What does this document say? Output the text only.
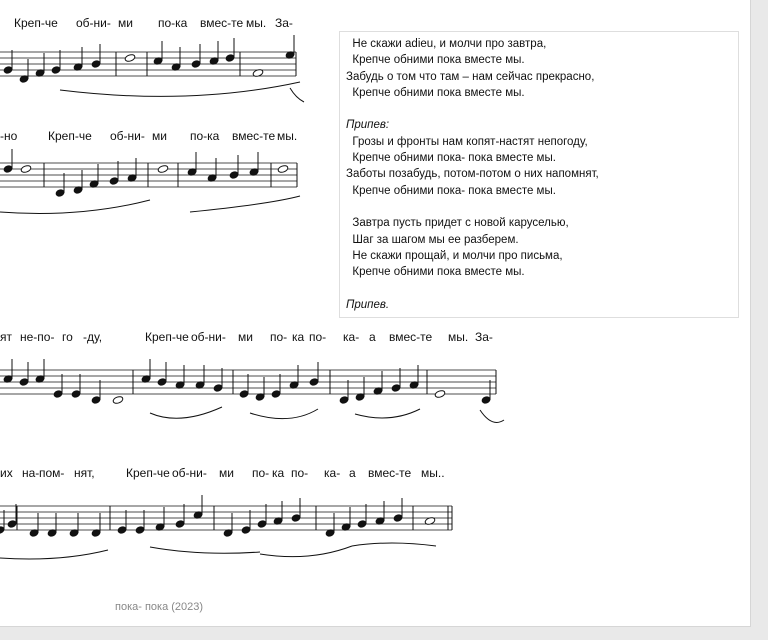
Креп-че об-ни- ми по-ка вмес-те мы. За-
-но	Креп-че об-ни- ми по-ка вмес-те мы.
ят не-по- го -ду,	Креп-че об-ни- ми по- ка по- ка- а вмес-те мы. За-
их на- пом- нят,	Креп-че об-ни- ми по- ка по- ка- а вмес-те мы..
Не скажи adieu, и молчи про завтра,
Крепче обними пока вместе мы.
Забудь о том что там – нам сейчас прекрасно,
Крепче обними пока вместе мы.
Припев:
Грозы и фронты нам копят-настят непогоду,
Крепче обними пока- пока вместе мы.
Заботы позабудь, потом-потом о них напомнят,
Крепче обними пока- пока вместе мы.
Завтра пусть придет с новой каруселью,
Шаг за шагом мы ее разберем.
Не скажи прощай, и молчи про письма,
Крепче обними пока вместе мы.
Припев.
пока- пока (2023)
